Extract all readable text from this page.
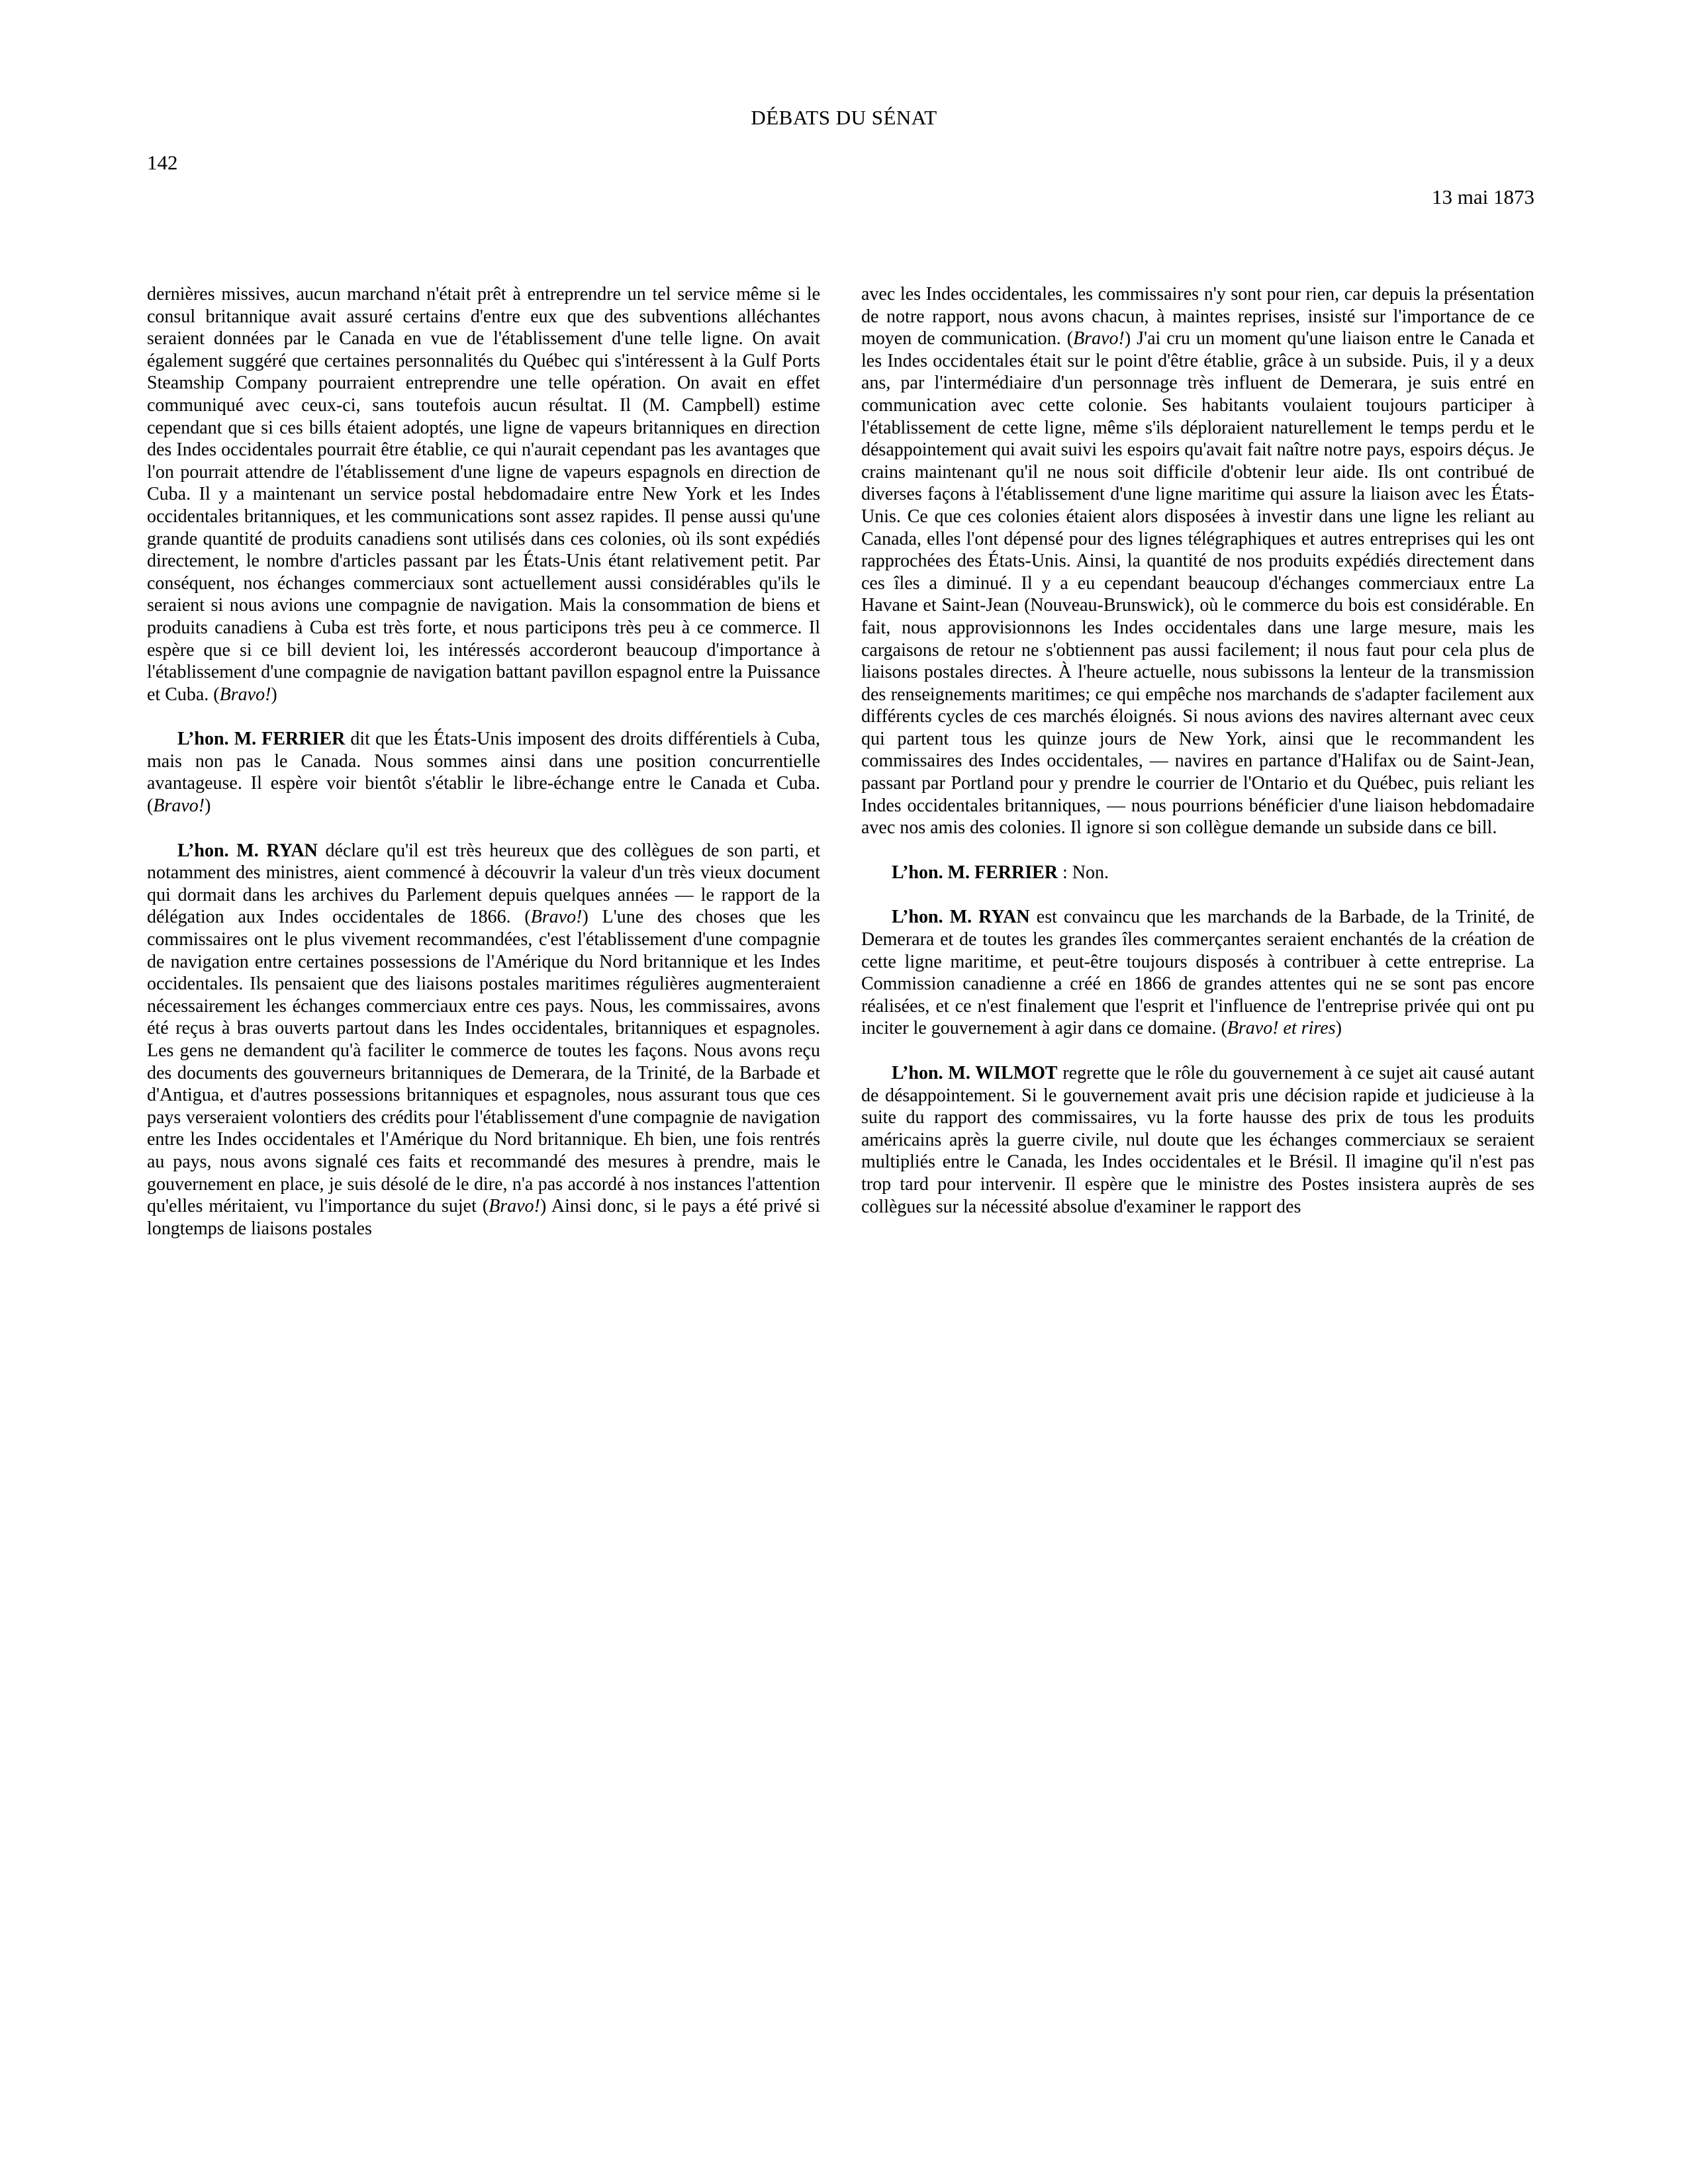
DÉBATS DU SÉNAT
142
13 mai 1873

dernières missives, aucun marchand n'était prêt à entreprendre un tel service même si le consul britannique avait assuré certains d'entre eux que des subventions alléchantes seraient données par le Canada en vue de l'établissement d'une telle ligne. On avait également suggéré que certaines personnalités du Québec qui s'intéressent à la Gulf Ports Steamship Company pourraient entreprendre une telle opération. On avait en effet communiqué avec ceux-ci, sans toutefois aucun résultat. Il (M. Campbell) estime cependant que si ces bills étaient adoptés, une ligne de vapeurs britanniques en direction des Indes occidentales pourrait être établie, ce qui n'aurait cependant pas les avantages que l'on pourrait attendre de l'établissement d'une ligne de vapeurs espagnols en direction de Cuba. Il y a maintenant un service postal hebdomadaire entre New York et les Indes occidentales britanniques, et les communications sont assez rapides. Il pense aussi qu'une grande quantité de produits canadiens sont utilisés dans ces colonies, où ils sont expédiés directement, le nombre d'articles passant par les États-Unis étant relativement petit. Par conséquent, nos échanges commerciaux sont actuellement aussi considérables qu'ils le seraient si nous avions une compagnie de navigation. Mais la consommation de biens et produits canadiens à Cuba est très forte, et nous participons très peu à ce commerce. Il espère que si ce bill devient loi, les intéressés accorderont beaucoup d'importance à l'établissement d'une compagnie de navigation battant pavillon espagnol entre la Puissance et Cuba. (Bravo!)

L’hon. M. FERRIER dit que les États-Unis imposent des droits différentiels à Cuba, mais non pas le Canada. Nous sommes ainsi dans une position concurrentielle avantageuse. Il espère voir bientôt s'établir le libre-échange entre le Canada et Cuba. (Bravo!)

L’hon. M. RYAN déclare qu'il est très heureux que des collègues de son parti, et notamment des ministres, aient commencé à découvrir la valeur d'un très vieux document qui dormait dans les archives du Parlement depuis quelques années — le rapport de la délégation aux Indes occidentales de 1866. (Bravo!) L'une des choses que les commissaires ont le plus vivement recommandées, c'est l'établissement d'une compagnie de navigation entre certaines possessions de l'Amérique du Nord britannique et les Indes occidentales. Ils pensaient que des liaisons postales maritimes régulières augmenteraient nécessairement les échanges commerciaux entre ces pays. Nous, les commissaires, avons été reçus à bras ouverts partout dans les Indes occidentales, britanniques et espagnoles. Les gens ne demandent qu'à faciliter le commerce de toutes les façons. Nous avons reçu des documents des gouverneurs britanniques de Demerara, de la Trinité, de la Barbade et d'Antigua, et d'autres possessions britanniques et espagnoles, nous assurant tous que ces pays verseraient volontiers des crédits pour l'établissement d'une compagnie de navigation entre les Indes occidentales et l'Amérique du Nord britannique. Eh bien, une fois rentrés au pays, nous avons signalé ces faits et recommandé des mesures à prendre, mais le gouvernement en place, je suis désolé de le dire, n'a pas accordé à nos instances l'attention qu'elles méritaient, vu l'importance du sujet (Bravo!) Ainsi donc, si le pays a été privé si longtemps de liaisons postales

avec les Indes occidentales, les commissaires n'y sont pour rien, car depuis la présentation de notre rapport, nous avons chacun, à maintes reprises, insisté sur l'importance de ce moyen de communication. (Bravo!) J'ai cru un moment qu'une liaison entre le Canada et les Indes occidentales était sur le point d'être établie, grâce à un subside. Puis, il y a deux ans, par l'intermédiaire d'un personnage très influent de Demerara, je suis entré en communication avec cette colonie. Ses habitants voulaient toujours participer à l'établissement de cette ligne, même s'ils déploraient naturellement le temps perdu et le désappointement qui avait suivi les espoirs qu'avait fait naître notre pays, espoirs déçus. Je crains maintenant qu'il ne nous soit difficile d'obtenir leur aide. Ils ont contribué de diverses façons à l'établissement d'une ligne maritime qui assure la liaison avec les États-Unis. Ce que ces colonies étaient alors disposées à investir dans une ligne les reliant au Canada, elles l'ont dépensé pour des lignes télégraphiques et autres entreprises qui les ont rapprochées des États-Unis. Ainsi, la quantité de nos produits expédiés directement dans ces îles a diminué. Il y a eu cependant beaucoup d'échanges commerciaux entre La Havane et Saint-Jean (Nouveau-Brunswick), où le commerce du bois est considérable. En fait, nous approvisionnons les Indes occidentales dans une large mesure, mais les cargaisons de retour ne s'obtiennent pas aussi facilement; il nous faut pour cela plus de liaisons postales directes. À l'heure actuelle, nous subissons la lenteur de la transmission des renseignements maritimes; ce qui empêche nos marchands de s'adapter facilement aux différents cycles de ces marchés éloignés. Si nous avions des navires alternant avec ceux qui partent tous les quinze jours de New York, ainsi que le recommandent les commissaires des Indes occidentales, — navires en partance d'Halifax ou de Saint-Jean, passant par Portland pour y prendre le courrier de l'Ontario et du Québec, puis reliant les Indes occidentales britanniques, — nous pourrions bénéficier d'une liaison hebdomadaire avec nos amis des colonies. Il ignore si son collègue demande un subside dans ce bill.

L’hon. M. FERRIER : Non.

L’hon. M. RYAN est convaincu que les marchands de la Barbade, de la Trinité, de Demerara et de toutes les grandes îles commerçantes seraient enchantés de la création de cette ligne maritime, et peut-être toujours disposés à contribuer à cette entreprise. La Commission canadienne a créé en 1866 de grandes attentes qui ne se sont pas encore réalisées, et ce n'est finalement que l'esprit et l'influence de l'entreprise privée qui ont pu inciter le gouvernement à agir dans ce domaine. (Bravo! et rires)

L’hon. M. WILMOT regrette que le rôle du gouvernement à ce sujet ait causé autant de désappointement. Si le gouvernement avait pris une décision rapide et judicieuse à la suite du rapport des commissaires, vu la forte hausse des prix de tous les produits américains après la guerre civile, nul doute que les échanges commerciaux se seraient multipliés entre le Canada, les Indes occidentales et le Brésil. Il imagine qu'il n'est pas trop tard pour intervenir. Il espère que le ministre des Postes insistera auprès de ses collègues sur la nécessité absolue d'examiner le rapport des
